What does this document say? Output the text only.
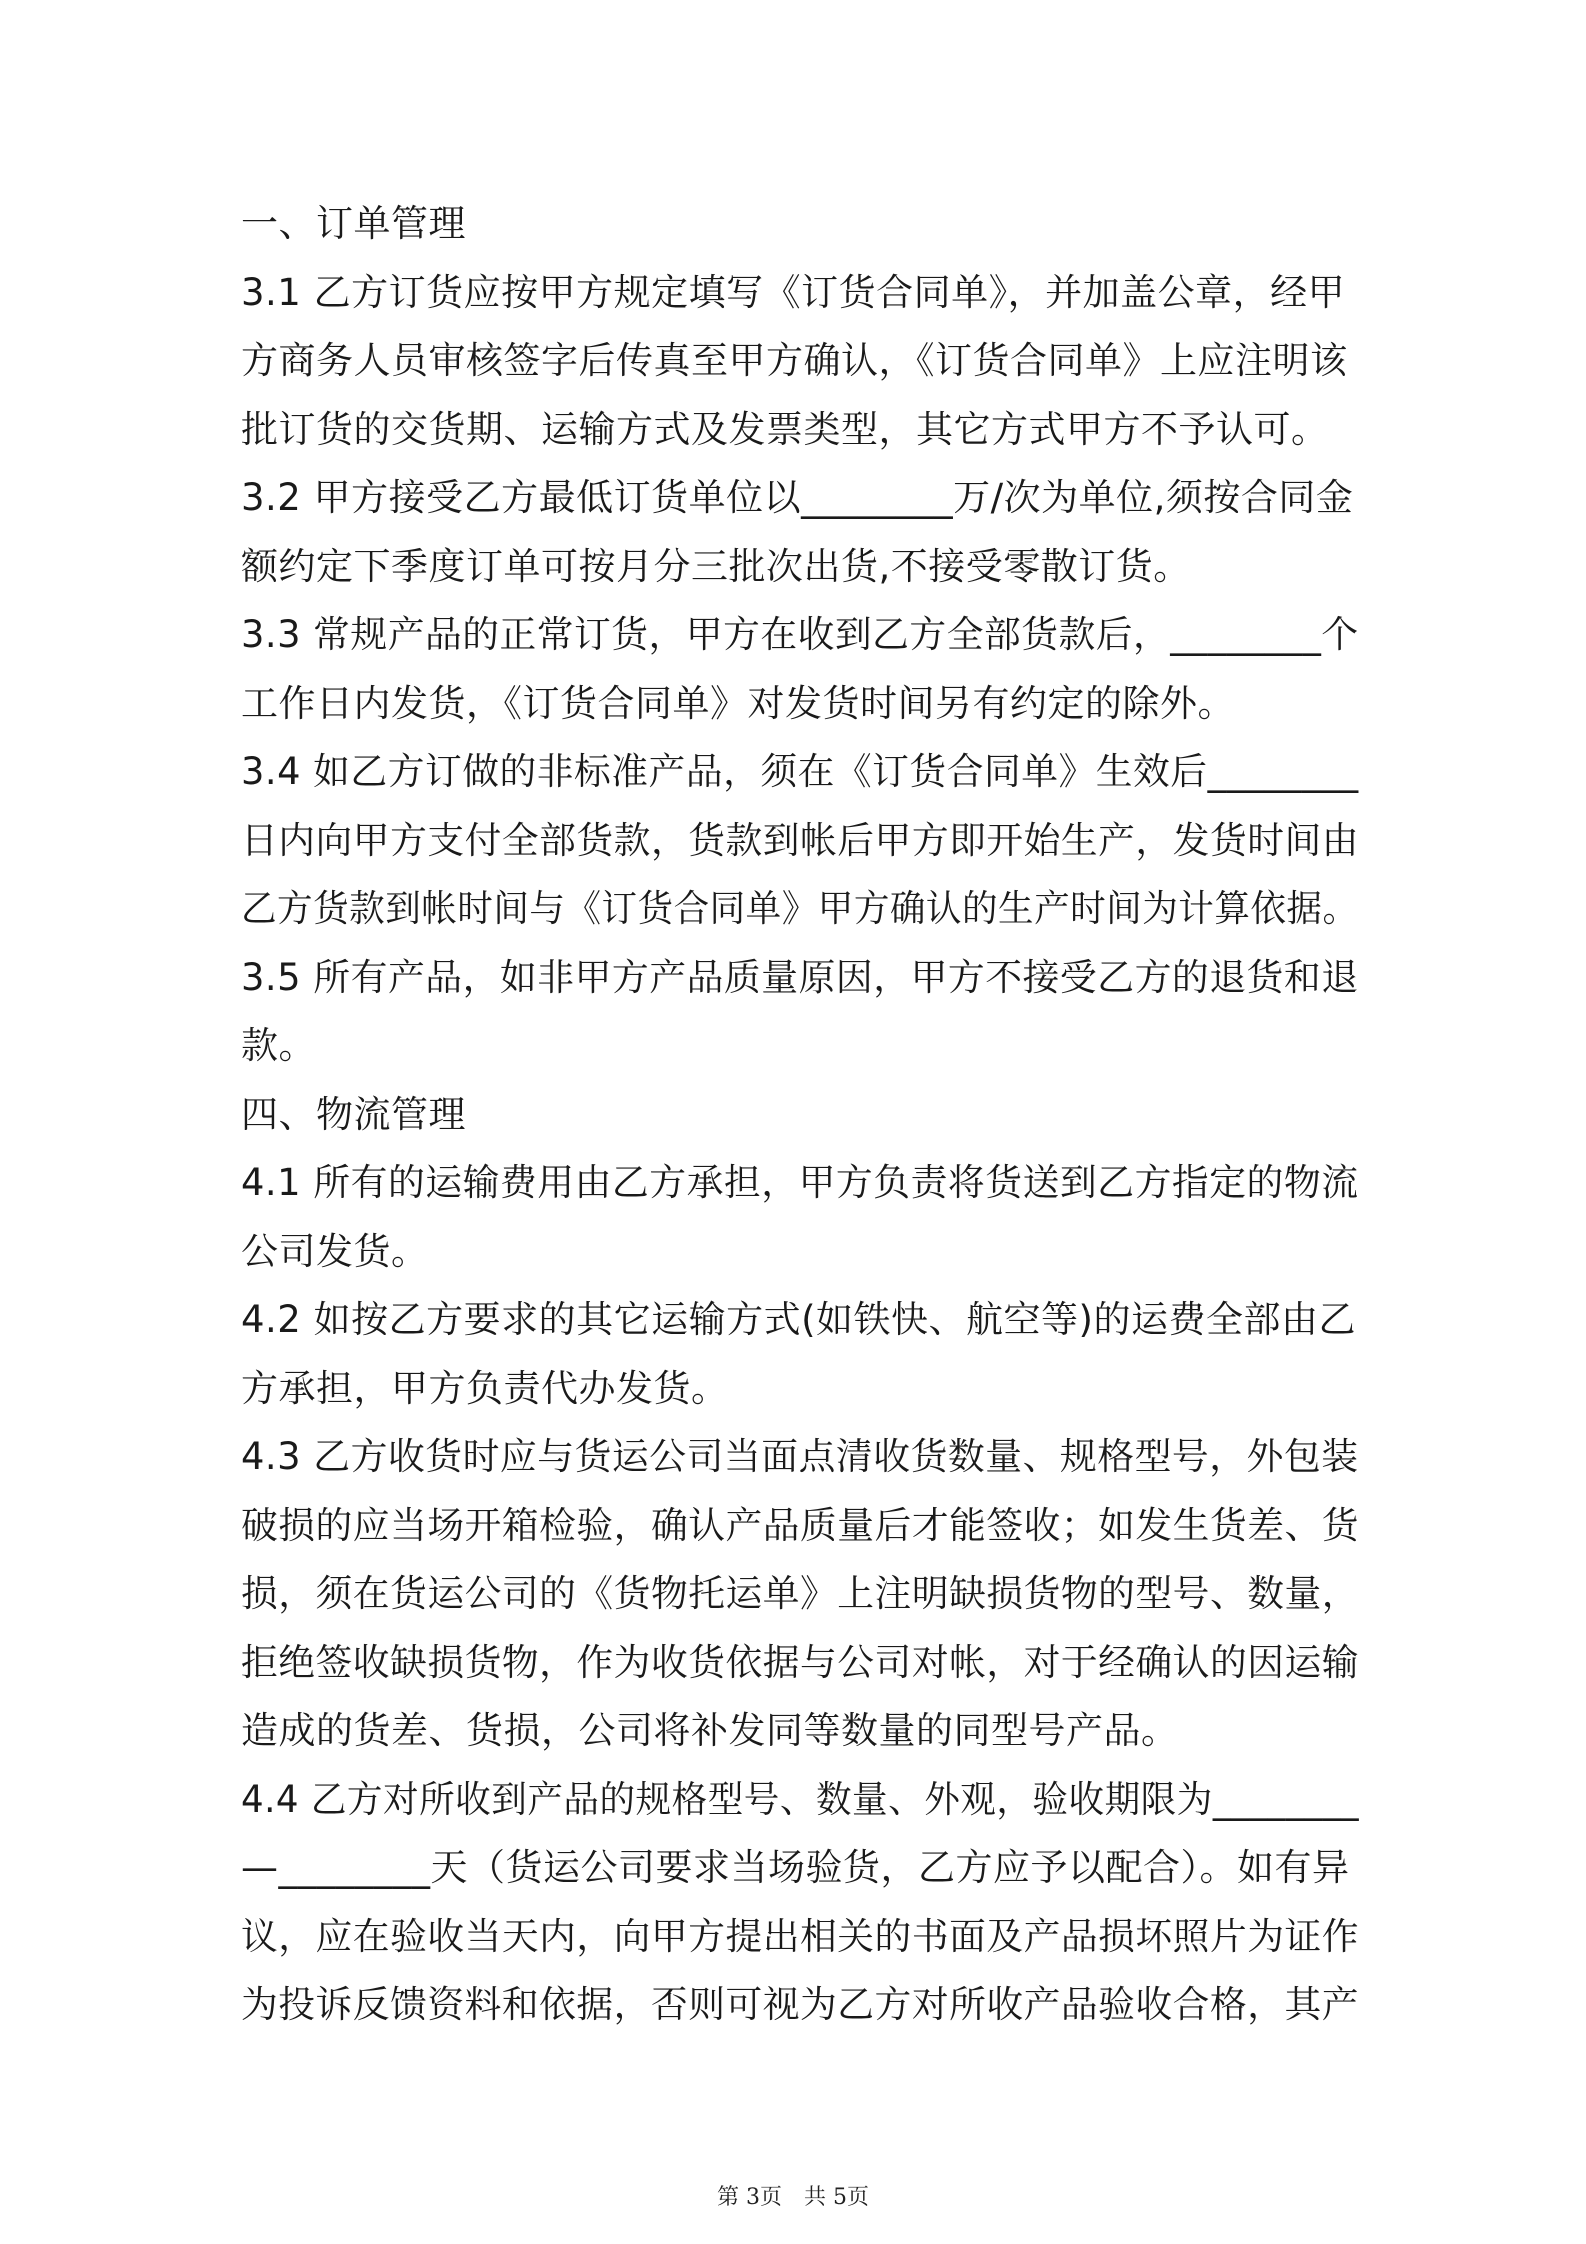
一、订单管理
3.1 乙方订货应按甲方规定填写《订货合同单》，并加盖公章，经甲
方商务人员审核签字后传真至甲方确认，《订货合同单》上应注明该
批订货的交货期、运输方式及发票类型，其它方式甲方不予认可。
3.2 甲方接受乙方最低订货单位以________万/次为单位,须按合同金
额约定下季度订单可按月分三批次出货,不接受零散订货。
3.3 常规产品的正常订货，甲方在收到乙方全部货款后，________个
工作日内发货，《订货合同单》对发货时间另有约定的除外。
3.4 如乙方订做的非标准产品，须在《订货合同单》生效后________
日内向甲方支付全部货款，货款到帐后甲方即开始生产，发货时间由
乙方货款到帐时间与《订货合同单》甲方确认的生产时间为计算依据。
3.5 所有产品，如非甲方产品质量原因，甲方不接受乙方的退货和退
款。
四、物流管理
4.1 所有的运输费用由乙方承担，甲方负责将货送到乙方指定的物流
公司发货。
4.2 如按乙方要求的其它运输方式(如铁快、航空等)的运费全部由乙
方承担，甲方负责代办发货。
4.3 乙方收货时应与货运公司当面点清收货数量、规格型号，外包装
破损的应当场开箱检验，确认产品质量后才能签收；如发生货差、货
损，须在货运公司的《货物托运单》上注明缺损货物的型号、数量，
拒绝签收缺损货物，作为收货依据与公司对帐，对于经确认的因运输
造成的货差、货损，公司将补发同等数量的同型号产品。
4.4 乙方对所收到产品的规格型号、数量、外观，验收期限为________
—________天（货运公司要求当场验货，乙方应予以配合）。如有异
议，应在验收当天内，向甲方提出相关的书面及产品损坏照片为证作
为投诉反馈资料和依据，否则可视为乙方对所收产品验收合格，其产
第 3页　共 5页
